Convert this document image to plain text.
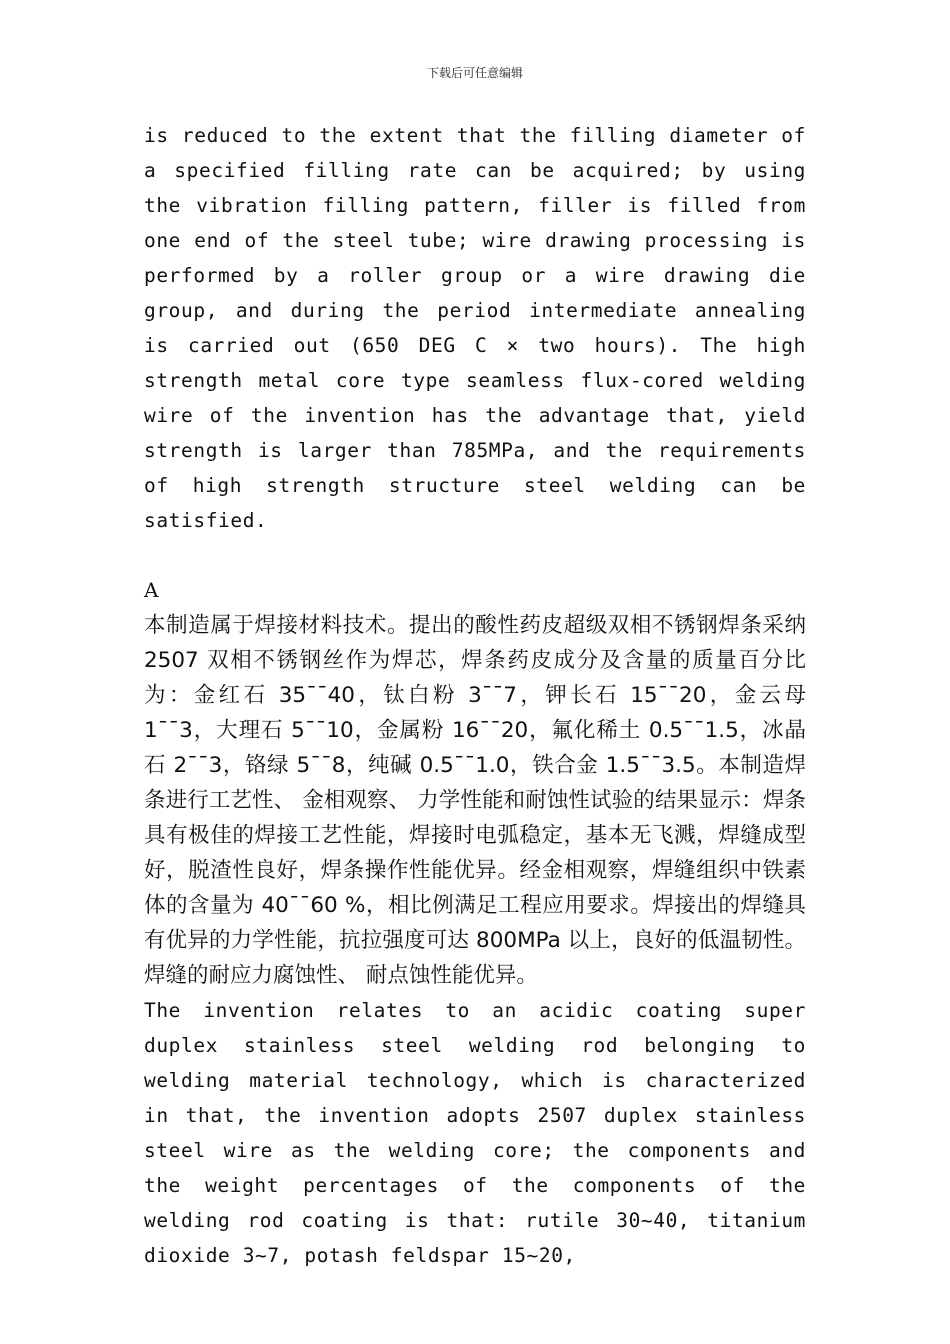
下载后可任意编辑

is reduced to the extent that the filling diameter of a specified filling rate can be acquired; by using the vibration filling pattern, filler is filled from one end of the steel tube; wire drawing processing is performed by a roller group or a wire drawing die group, and during the period intermediate annealing is carried out (650 DEG C × two hours). The high strength metal core type seamless flux-cored welding wire of the invention has the advantage that, yield strength is larger than 785MPa, and the requirements of high strength structure steel welding can be satisfied.

A

本制造属于焊接材料技术。提出的酸性药皮超级双相不锈钢焊条采纳 2507 双相不锈钢丝作为焊芯，焊条药皮成分及含量的质量百分比为：金红石 35¯¯40，钛白粉 3¯¯7，钾长石 15¯¯20，金云母 1¯¯3，大理石 5¯¯10，金属粉 16¯¯20，氟化稀土 0.5¯¯1.5，冰晶石 2¯¯3，铬绿 5¯¯8，纯碱 0.5¯¯1.0，铁合金 1.5¯¯3.5。本制造焊条进行工艺性、 金相观察、 力学性能和耐蚀性试验的结果显示：焊条具有极佳的焊接工艺性能，焊接时电弧稳定，基本无飞溅，焊缝成型好，脱渣性良好，焊条操作性能优异。经金相观察，焊缝组织中铁素体的含量为 40¯¯60 %，相比例满足工程应用要求。焊接出的焊缝具有优异的力学性能，抗拉强度可达 800MPa 以上，良好的低温韧性。焊缝的耐应力腐蚀性、 耐点蚀性能优异。

The invention relates to an acidic coating super duplex stainless steel welding rod belonging to welding material technology, which is characterized in that, the invention adopts 2507 duplex stainless steel wire as the welding core; the components and the weight percentages of the components of the welding rod coating is that: rutile 30~40, titanium dioxide 3~7, potash feldspar 15~20,
